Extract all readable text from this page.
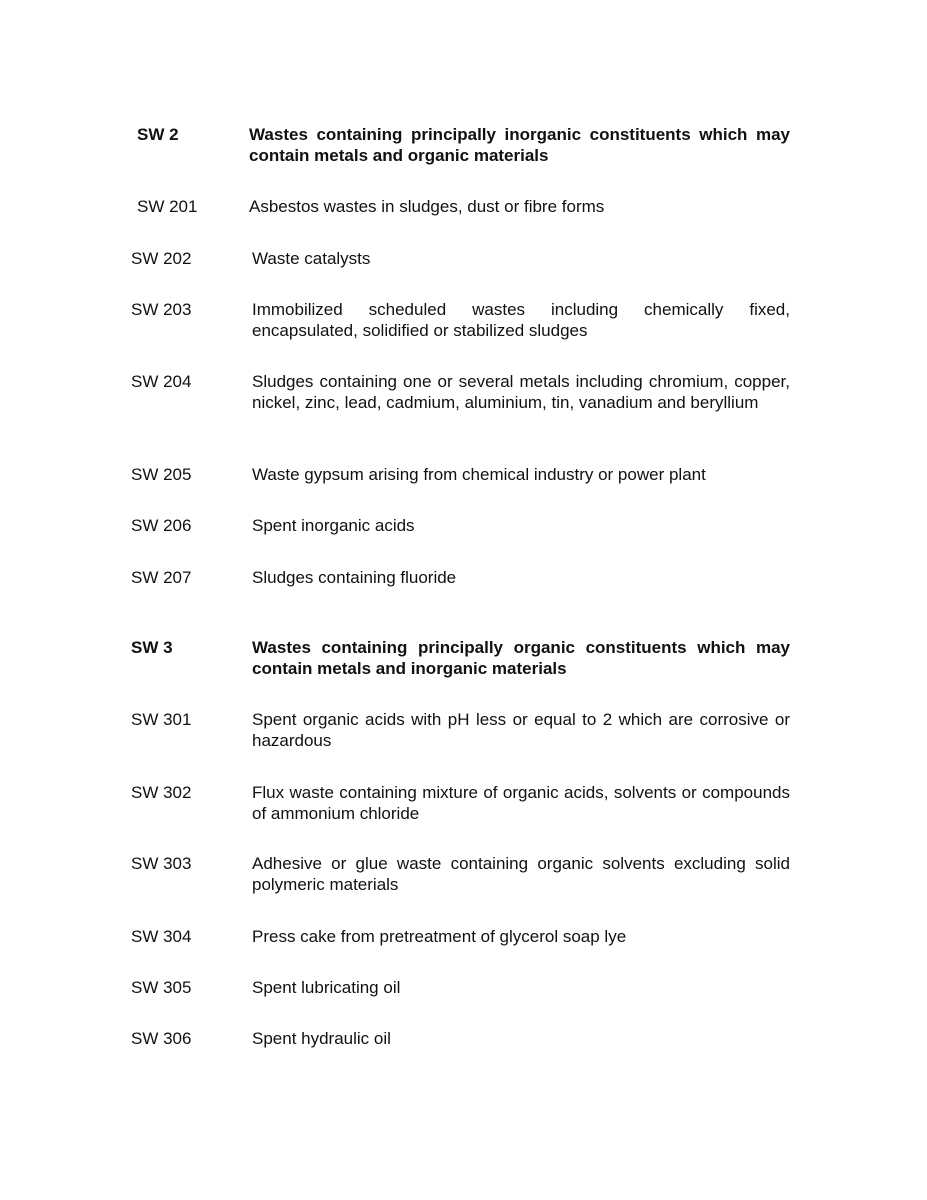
SW 2	Wastes containing principally inorganic constituents which may contain metals and organic materials
SW 201	Asbestos wastes in sludges, dust or fibre forms
SW 202	Waste catalysts
SW 203	Immobilized scheduled wastes including chemically fixed, encapsulated, solidified or stabilized sludges
SW 204	Sludges containing one or several metals including chromium, copper, nickel, zinc, lead, cadmium, aluminium, tin, vanadium and beryllium
SW 205	Waste gypsum arising from chemical industry or power plant
SW 206	Spent inorganic acids
SW 207	Sludges containing fluoride
SW 3	Wastes containing principally organic constituents which may contain metals and inorganic materials
SW 301	Spent organic acids with pH less or equal to 2 which are corrosive or hazardous
SW 302	Flux waste containing mixture of organic acids, solvents or compounds of ammonium chloride
SW 303	Adhesive or glue waste containing organic solvents excluding solid polymeric materials
SW 304	Press cake from pretreatment of glycerol soap lye
SW 305	Spent lubricating oil
SW 306	Spent hydraulic oil
